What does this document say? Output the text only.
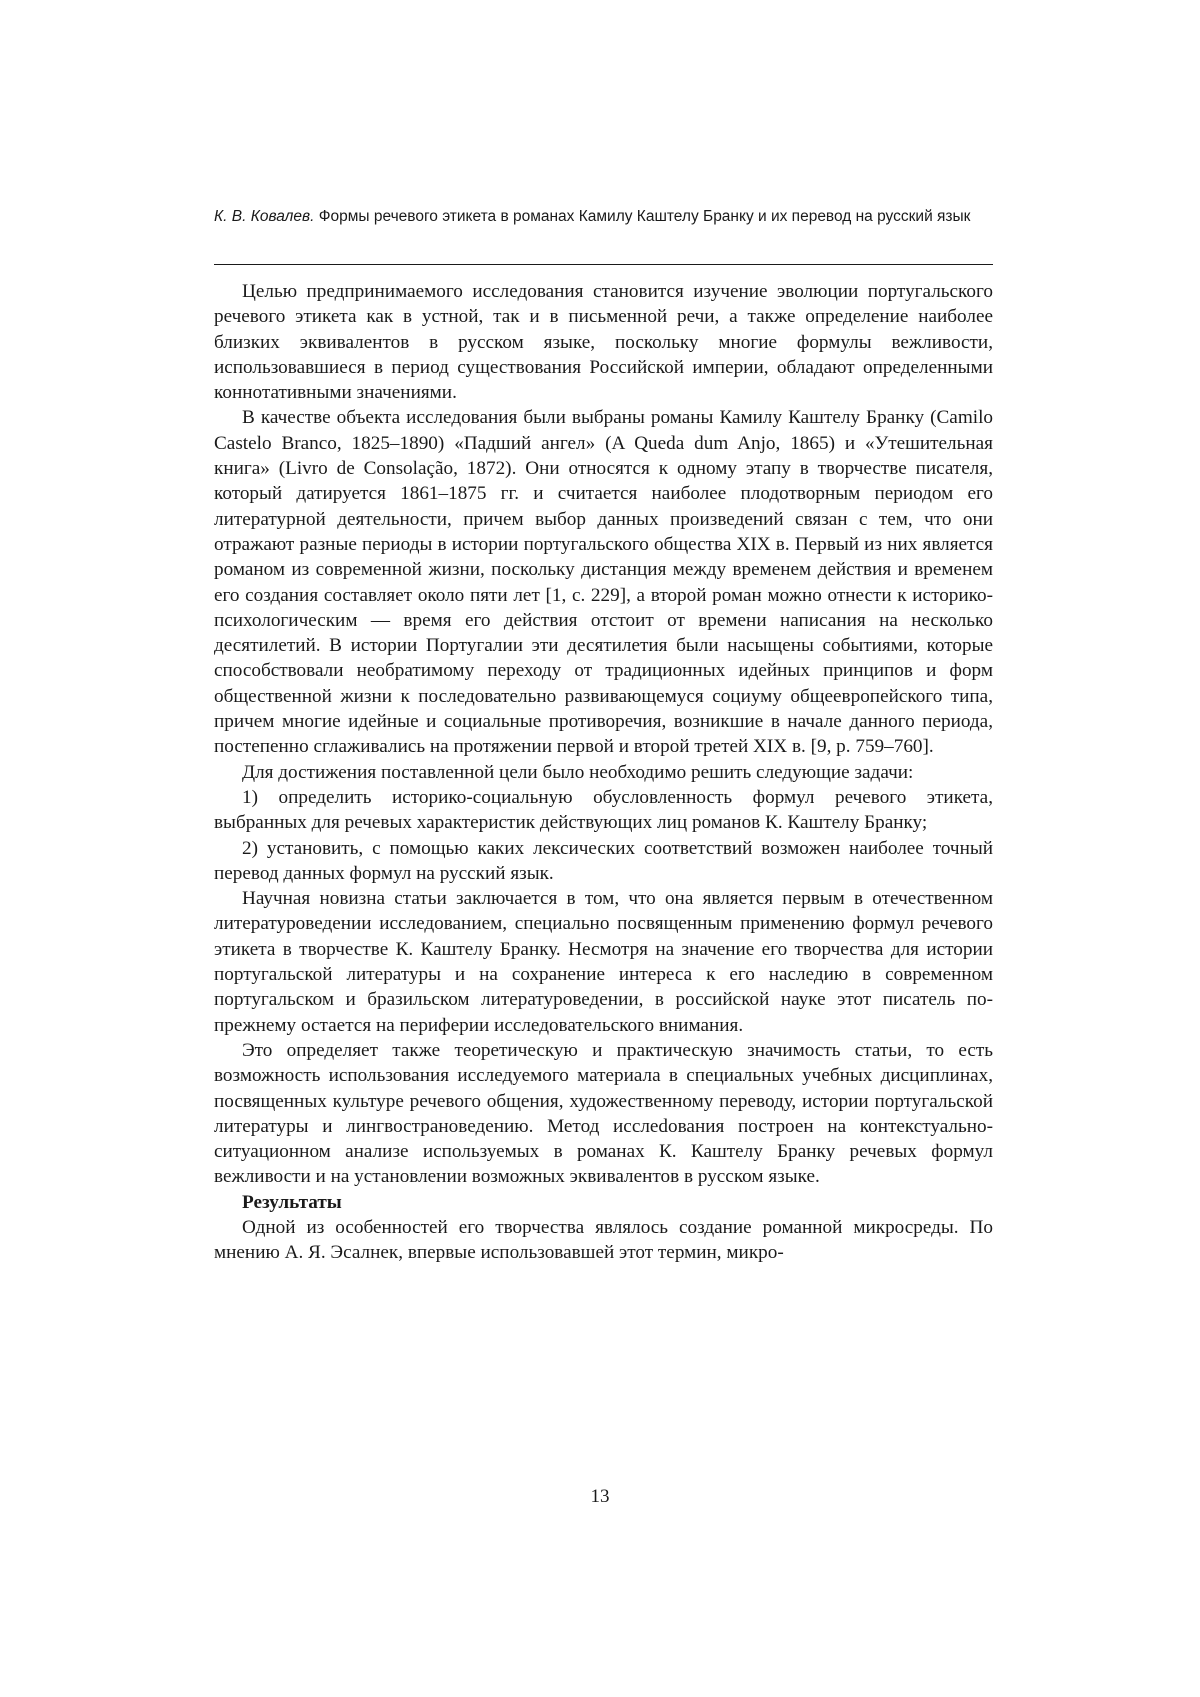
К. В. Ковалев. Формы речевого этикета в романах Камилу Каштелу Бранку и их перевод на русский язык

Целью предпринимаемого исследования становится изучение эволюции порту­гальского речевого этикета как в устной, так и в письменной речи, а также опре­деление наиболее близких эквивалентов в русском языке, поскольку многие фор­мулы вежливости, использовавшиеся в период существования Российской империи, обладают определенными коннотативными значениями.

В качестве объекта исследования были выбраны романы Камилу Каштелу Бранку (Camilo Castelo Branco, 1825–1890) «Падший ангел» (A Queda dum Anjo, 1865) и «Утешительная книга» (Livro de Consolação, 1872). Они относятся к од­ному этапу в творчестве писателя, который датируется 1861–1875 гг. и считается наиболее плодотворным периодом его литературной деятельности, причем выбор данных произведений связан с тем, что они отражают разные периоды в истории португальского общества XIX в. Первый из них является романом из современной жизни, поскольку дистанция между временем действия и временем его создания составляет около пяти лет [1, с. 229], а второй роман можно отнести к историко-психологическим — время его действия отстоит от времени написания на не­сколько десятилетий. В истории Португалии эти десятилетия были насыщены со­бытиями, которые способствовали необратимому переходу от традиционных идейных принципов и форм общественной жизни к последовательно развивающе­муся социуму общеевропейского типа, причем многие идейные и социальные про­тиворечия, возникшие в начале данного периода, постепенно сглаживались на протяжении первой и второй третей XIX в. [9, p. 759–760].

Для достижения поставленной цели было необходимо решить следующие за­дачи:

1) определить историко-социальную обусловленность формул речевого эти­кета, выбранных для речевых характеристик действующих лиц романов К. Каш­телу Бранку;

2) установить, с помощью каких лексических соответствий возможен наиболее точный перевод данных формул на русский язык.

Научная новизна статьи заключается в том, что она является первым в отече­ственном литературоведении исследованием, специально посвященным примене­нию формул речевого этикета в творчестве К. Каштелу Бранку. Несмотря на зна­чение его творчества для истории португальской литературы и на сохранение интереса к его наследию в современном португальском и бразильском литерату­роведении, в российской науке этот писатель по-прежнему остается на периферии исследовательского внимания.

Это определяет также теоретическую и практическую значимость статьи, то есть возможность использования исследуемого материала в специальных учебных дисциплинах, посвященных культуре речевого общения, художественному пере­воду, истории португальской литературы и лингвострановедению. Метод иссле­dования построен на контекстуально-ситуационном анализе используемых в ро­манах К. Каштелу Бранку речевых формул вежливости и на установлении возможных эквивалентов в русском языке.

Результаты

Одной из особенностей его творчества являлось создание романной микро­среды. По мнению А. Я. Эсалнек, впервые использовавшей этот термин, микро-

13
